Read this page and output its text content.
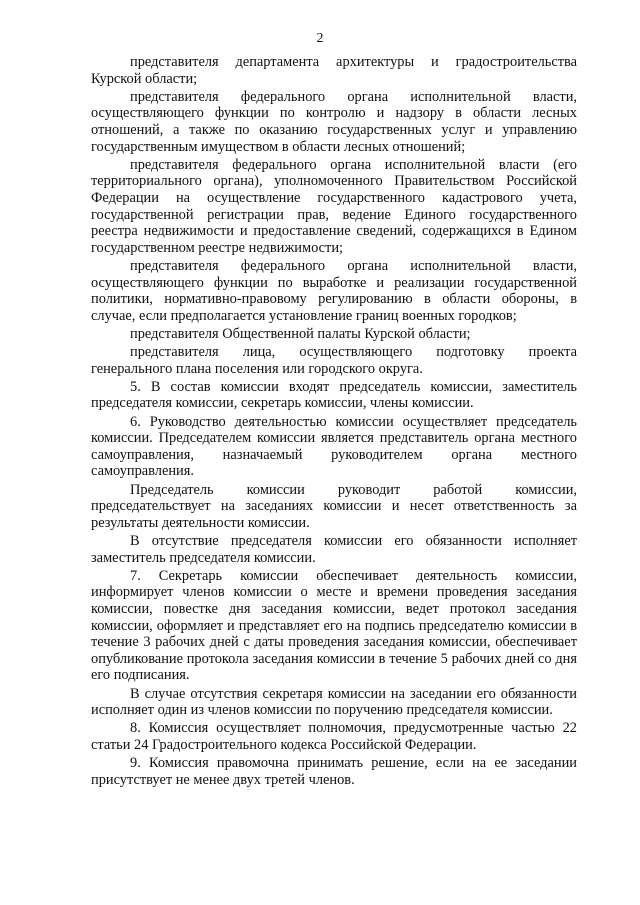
2

представителя департамента архитектуры и градостроительства Курской области;

представителя федерального органа исполнительной власти, осуществляющего функции по контролю и надзору в области лесных отношений, а также по оказанию государственных услуг и управлению государственным имуществом в области лесных отношений;

представителя федерального органа исполнительной власти (его территориального органа), уполномоченного Правительством Российской Федерации на осуществление государственного кадастрового учета, государственной регистрации прав, ведение Единого государственного реестра недвижимости и предоставление сведений, содержащихся в Едином государственном реестре недвижимости;

представителя федерального органа исполнительной власти, осуществляющего функции по выработке и реализации государственной политики, нормативно-правовому регулированию в области обороны, в случае, если предполагается установление границ военных городков;

представителя Общественной палаты Курской области;

представителя лица, осуществляющего подготовку проекта генерального плана поселения или городского округа.

5. В состав комиссии входят председатель комиссии, заместитель председателя комиссии, секретарь комиссии, члены комиссии.

6. Руководство деятельностью комиссии осуществляет председатель комиссии. Председателем комиссии является представитель органа местного самоуправления, назначаемый руководителем органа местного самоуправления.

Председатель комиссии руководит работой комиссии, председательствует на заседаниях комиссии и несет ответственность за результаты деятельности комиссии.

В отсутствие председателя комиссии его обязанности исполняет заместитель председателя комиссии.

7. Секретарь комиссии обеспечивает деятельность комиссии, информирует членов комиссии о месте и времени проведения заседания комиссии, повестке дня заседания комиссии, ведет протокол заседания комиссии, оформляет и представляет его на подпись председателю комиссии в течение 3 рабочих дней с даты проведения заседания комиссии, обеспечивает опубликование протокола заседания комиссии в течение 5 рабочих дней со дня его подписания.

В случае отсутствия секретаря комиссии на заседании его обязанности исполняет один из членов комиссии по поручению председателя комиссии.

8. Комиссия осуществляет полномочия, предусмотренные частью 22 статьи 24 Градостроительного кодекса Российской Федерации.

9. Комиссия правомочна принимать решение, если на ее заседании присутствует не менее двух третей членов.
